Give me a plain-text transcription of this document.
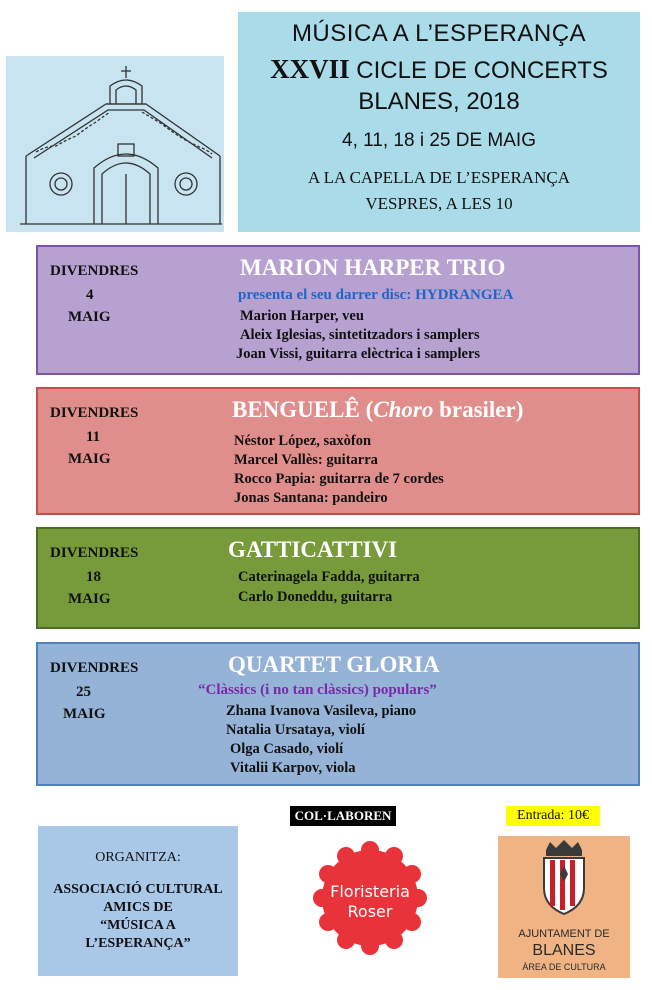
MÚSICA A L’ESPERANÇA
XXVII CICLE DE CONCERTS
BLANES, 2018
4, 11, 18 i 25 DE MAIG
A LA CAPELLA DE L’ESPERANÇA
VESPRES, A LES 10
DIVENDRES
4
MAIG
MARION HARPER TRIO
presenta el seu darrer disc: HYDRANGEA
Marion Harper, veu
Aleix Iglesias, sintetitzadors i samplers
Joan Vissi, guitarra elèctrica i samplers
DIVENDRES
11
MAIG
BENGUELÊ (Choro brasiler)
Néstor López, saxòfon
Marcel Vallès: guitarra
Rocco Papia: guitarra de 7 cordes
Jonas Santana: pandeiro
DIVENDRES
18
MAIG
GATTICATTIVI
Caterinagela Fadda, guitarra
Carlo Doneddu, guitarra
DIVENDRES
25
MAIG
QUARTET GLORIA
“Clàssics (i no tan clàssics) populars”
Zhana Ivanova Vasileva, piano
Natalia Ursataya, violí
Olga Casado, violí
Vitalii Karpov, viola
COL·LABOREN	Entrada: 10€
ORGANITZA:
ASSOCIACIÓ CULTURAL
AMICS DE
“MÚSICA A
L’ESPERANÇA”
Floristeria
Roser
AJUNTAMENT DE
BLANES
ÀREA DE CULTURA
